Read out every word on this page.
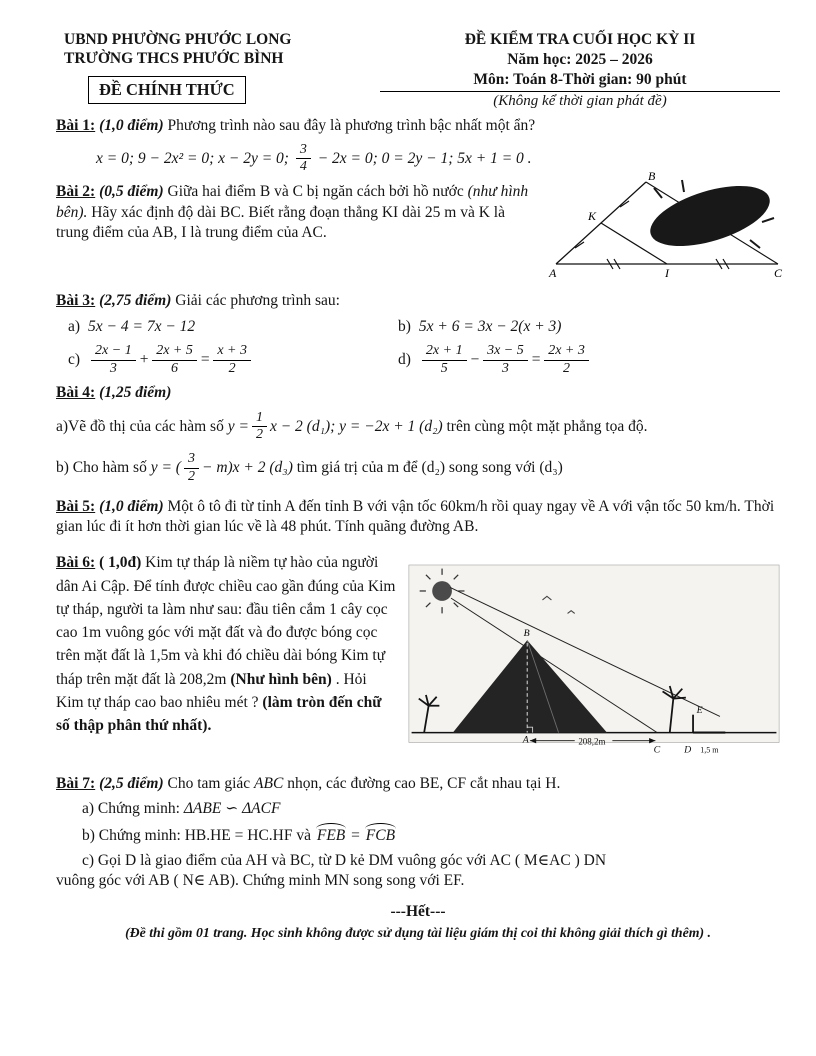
UBND PHƯỜNG PHƯỚC LONG
TRƯỜNG THCS PHƯỚC BÌNH
ĐỀ CHÍNH THỨC
ĐỀ KIỂM TRA CUỐI HỌC KỲ II
Năm học: 2025 – 2026
Môn: Toán 8-Thời gian: 90 phút
(Không kể thời gian phát đề)

Bài 1: (1,0 điểm) Phương trình nào sau đây là phương trình bậc nhất một ẩn?

x = 0; 9 − 2x² = 0; x − 2y = 0; $\frac{3}{4} - 2x = 0$; 0 = 2y − 1; 5x + 1 = 0 .
Bài 2: (0,5 điểm) Giữa hai điểm B và C bị ngăn cách bởi hồ nước (như hình bên). Hãy xác định độ dài BC. Biết rằng đoạn thẳng KI dài 25 m và K là trung điểm của AB, I là trung điểm của AC.
B
K
A	I	C

Bài 3: (2,75 điểm) Giải các phương trình sau:

a) 5x − 4 = 7x − 12	b) 5x + 6 = 3x − 2(x + 3)
$c) \frac{2x - 1}{3} + \frac{2x + 5}{6} = \frac{x + 3}{2}$	$d) \frac{2x + 1}{5} - \frac{3x - 5}{3} = \frac{2x + 3}{2}$

Bài 4: (1,25 điểm)

a)Vẽ đồ thị của các hàm số $y = \frac{1}{2}$ x − 2 (d₁); y = −2x + 1 (d₂) trên cùng một mặt phẳng tọa độ.
b) Cho hàm số y = ( $\frac{3}{2} - m)x + 2$ (d₃) tìm giá trị của m để (d₂) song song với (d₃)

Bài 5: (1,0 điểm) Một ô tô đi từ tỉnh A đến tỉnh B với vận tốc 60km/h rồi quay ngay về A với vận tốc 50 km/h. Thời gian lúc đi ít hơn thời gian lúc về là 48 phút. Tính quãng đường AB.

Bài 6: ( 1,0đ) Kim tự tháp là niềm tự hào của người dân Ai Cập. Để tính được chiều cao gần đúng của Kim tự tháp, người ta làm như sau: đầu tiên cắm 1 cây cọc cao 1m vuông góc với mặt đất và đo được bóng cọc trên mặt đất là 1,5m và khi đó chiều dài bóng Kim tự tháp trên mặt đất là 208,2m (Như hình bên) . Hỏi Kim tự tháp cao bao nhiêu mét ? (làm tròn đến chữ số thập phân thứ nhất).
B
A	208,2m
C D
E
1,5 m

Bài 7: (2,5 điểm) Cho tam giác ABC nhọn, các đường cao BE, CF cắt nhau tại H.

a) Chứng minh: ΔABE ∽ ΔACF
b) Chứng minh: HB.HE = HC.HF và FEB = FCB
c) Gọi D là giao điểm của AH và BC, từ D kẻ DM vuông góc với AC ( M∈AC ) DN
vuông góc với AB ( N∈ AB). Chứng minh MN song song với EF.
---Hết---
(Đề thi gồm 01 trang. Học sinh không được sử dụng tài liệu giám thị coi thi không giải thích gì thêm) .
